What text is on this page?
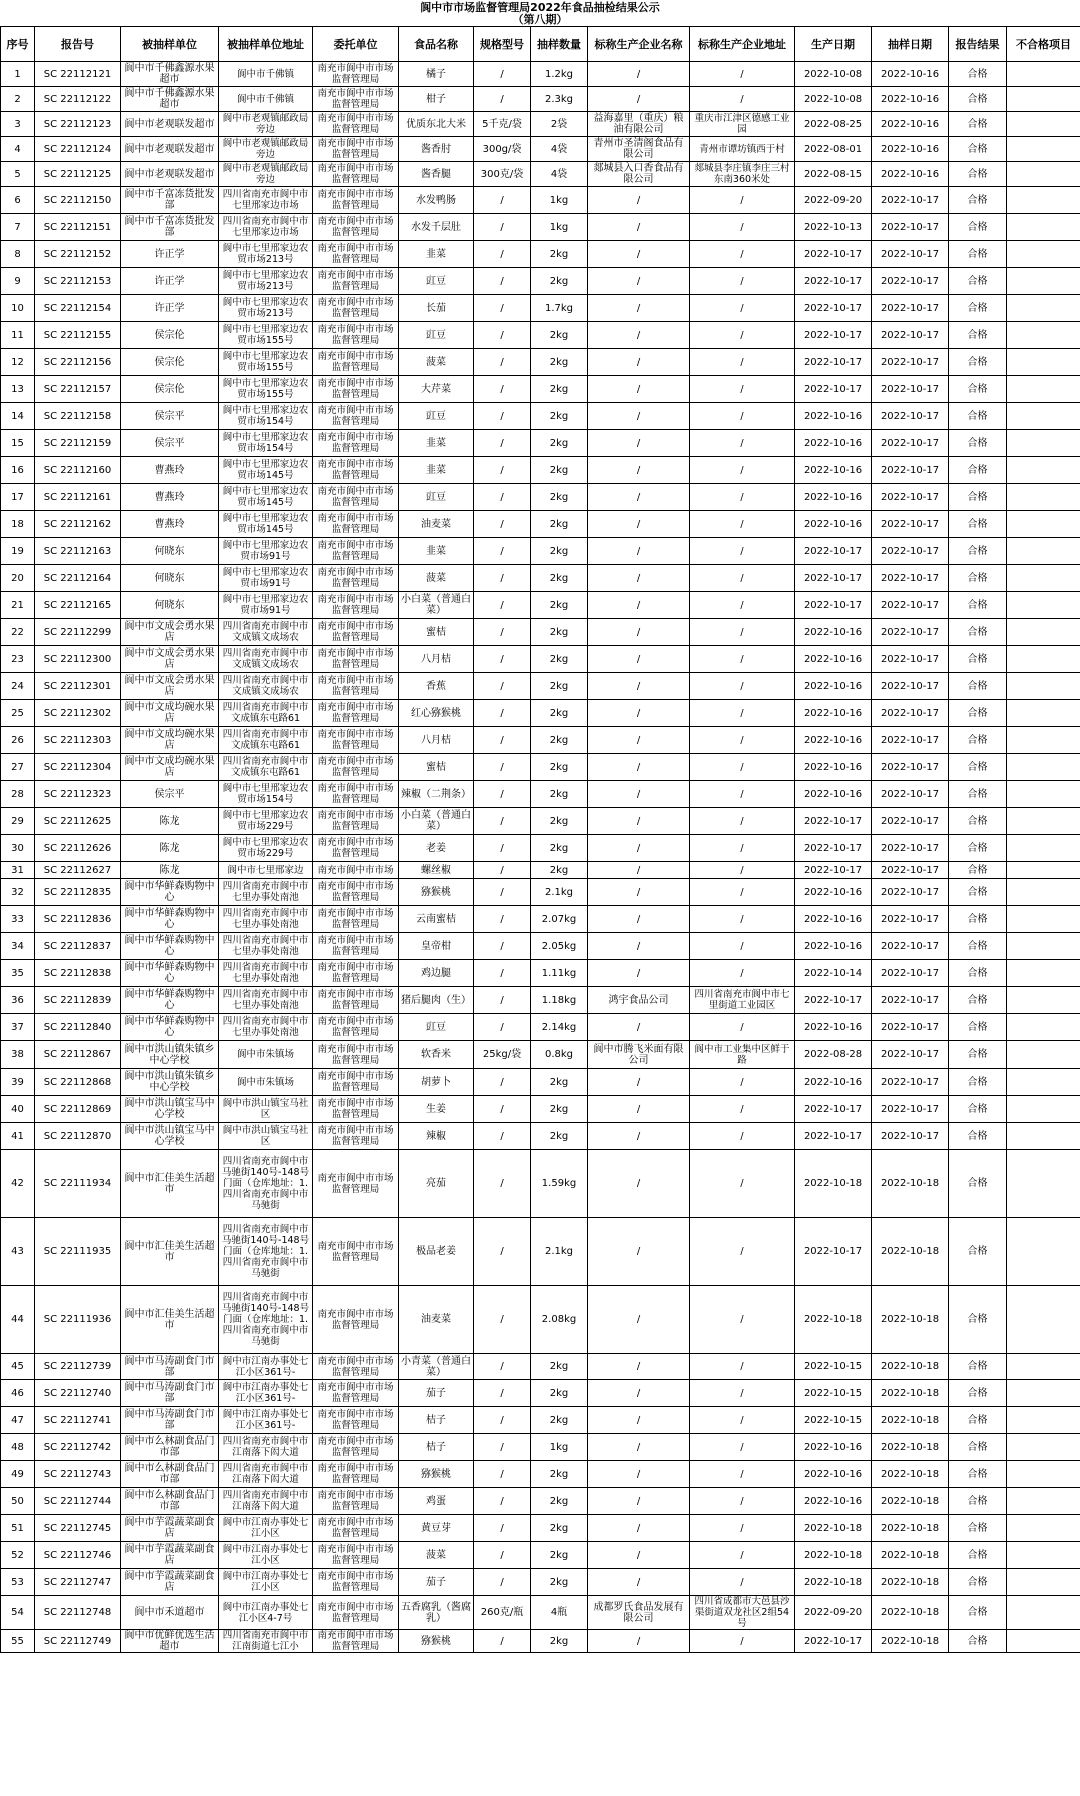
阆中市市场监督管理局2022年食品抽检结果公示
（第八期）
序号	报告号	被抽样单位	被抽样单位地址	委托单位	食品名称	规格型号	抽样数量	标称生产企业名称	标称生产企业地址	生产日期	抽样日期	报告结果	不合格项目
1	SC 22112121	阆中市千佛鑫源水果超市	阆中市千佛镇	南充市阆中市市场监督管理局	橘子	/	1.2kg	/	/	2022-10-08	2022-10-16	合格	
2	SC 22112122	阆中市千佛鑫源水果超市	阆中市千佛镇	南充市阆中市市场监督管理局	柑子	/	2.3kg	/	/	2022-10-08	2022-10-16	合格	
3	SC 22112123	阆中市老观联发超市	阆中市老观镇邮政局旁边	南充市阆中市市场监督管理局	优质东北大米	5千克/袋	2袋	益海嘉里（重庆）粮油有限公司	重庆市江津区德感工业园	2022-08-25	2022-10-16	合格	
4	SC 22112124	阆中市老观联发超市	阆中市老观镇邮政局旁边	南充市阆中市市场监督管理局	酱香肘	300g/袋	4袋	青州市圣清阁食品有限公司	青州市谭坊镇西于村	2022-08-01	2022-10-16	合格	
5	SC 22112125	阆中市老观联发超市	阆中市老观镇邮政局旁边	南充市阆中市市场监督管理局	酱香腿	300克/袋	4袋	郯城县入口香食品有限公司	郯城县李庄镇李庄三村东南360米处	2022-08-15	2022-10-16	合格	
6	SC 22112150	阆中市千富冻货批发部	四川省南充市阆中市七里邢家边市场	南充市阆中市市场监督管理局	水发鸭肠	/	1kg	/	/	2022-09-20	2022-10-17	合格	
7	SC 22112151	阆中市千富冻货批发部	四川省南充市阆中市七里邢家边市场	南充市阆中市市场监督管理局	水发千层肚	/	1kg	/	/	2022-10-13	2022-10-17	合格	
8	SC 22112152	许正学	阆中市七里邢家边农贸市场213号	南充市阆中市市场监督管理局	韭菜	/	2kg	/	/	2022-10-17	2022-10-17	合格	
9	SC 22112153	许正学	阆中市七里邢家边农贸市场213号	南充市阆中市市场监督管理局	豇豆	/	2kg	/	/	2022-10-17	2022-10-17	合格	
10	SC 22112154	许正学	阆中市七里邢家边农贸市场213号	南充市阆中市市场监督管理局	长茄	/	1.7kg	/	/	2022-10-17	2022-10-17	合格	
11	SC 22112155	侯宗伦	阆中市七里邢家边农贸市场155号	南充市阆中市市场监督管理局	豇豆	/	2kg	/	/	2022-10-17	2022-10-17	合格	
12	SC 22112156	侯宗伦	阆中市七里邢家边农贸市场155号	南充市阆中市市场监督管理局	菠菜	/	2kg	/	/	2022-10-17	2022-10-17	合格	
13	SC 22112157	侯宗伦	阆中市七里邢家边农贸市场155号	南充市阆中市市场监督管理局	大芹菜	/	2kg	/	/	2022-10-17	2022-10-17	合格	
14	SC 22112158	侯宗平	阆中市七里邢家边农贸市场154号	南充市阆中市市场监督管理局	豇豆	/	2kg	/	/	2022-10-16	2022-10-17	合格	
15	SC 22112159	侯宗平	阆中市七里邢家边农贸市场154号	南充市阆中市市场监督管理局	韭菜	/	2kg	/	/	2022-10-16	2022-10-17	合格	
16	SC 22112160	曹燕玲	阆中市七里邢家边农贸市场145号	南充市阆中市市场监督管理局	韭菜	/	2kg	/	/	2022-10-16	2022-10-17	合格	
17	SC 22112161	曹燕玲	阆中市七里邢家边农贸市场145号	南充市阆中市市场监督管理局	豇豆	/	2kg	/	/	2022-10-16	2022-10-17	合格	
18	SC 22112162	曹燕玲	阆中市七里邢家边农贸市场145号	南充市阆中市市场监督管理局	油麦菜	/	2kg	/	/	2022-10-16	2022-10-17	合格	
19	SC 22112163	何晓东	阆中市七里邢家边农贸市场91号	南充市阆中市市场监督管理局	韭菜	/	2kg	/	/	2022-10-17	2022-10-17	合格	
20	SC 22112164	何晓东	阆中市七里邢家边农贸市场91号	南充市阆中市市场监督管理局	菠菜	/	2kg	/	/	2022-10-17	2022-10-17	合格	
21	SC 22112165	何晓东	阆中市七里邢家边农贸市场91号	南充市阆中市市场监督管理局	小白菜（普通白菜）	/	2kg	/	/	2022-10-17	2022-10-17	合格	
22	SC 22112299	阆中市文成会勇水果店	四川省南充市阆中市文成镇文成场农	南充市阆中市市场监督管理局	蜜桔	/	2kg	/	/	2022-10-16	2022-10-17	合格	
23	SC 22112300	阆中市文成会勇水果店	四川省南充市阆中市文成镇文成场农	南充市阆中市市场监督管理局	八月桔	/	2kg	/	/	2022-10-16	2022-10-17	合格	
24	SC 22112301	阆中市文成会勇水果店	四川省南充市阆中市文成镇文成场农	南充市阆中市市场监督管理局	香蕉	/	2kg	/	/	2022-10-16	2022-10-17	合格	
25	SC 22112302	阆中市文成均碗水果店	四川省南充市阆中市文成镇东屯路61	南充市阆中市市场监督管理局	红心猕猴桃	/	2kg	/	/	2022-10-16	2022-10-17	合格	
26	SC 22112303	阆中市文成均碗水果店	四川省南充市阆中市文成镇东屯路61	南充市阆中市市场监督管理局	八月桔	/	2kg	/	/	2022-10-16	2022-10-17	合格	
27	SC 22112304	阆中市文成均碗水果店	四川省南充市阆中市文成镇东屯路61	南充市阆中市市场监督管理局	蜜桔	/	2kg	/	/	2022-10-16	2022-10-17	合格	
28	SC 22112323	侯宗平	阆中市七里邢家边农贸市场154号	南充市阆中市市场监督管理局	辣椒（二荆条）	/	2kg	/	/	2022-10-16	2022-10-17	合格	
29	SC 22112625	陈龙	阆中市七里邢家边农贸市场229号	南充市阆中市市场监督管理局	小白菜（普通白菜）	/	2kg	/	/	2022-10-17	2022-10-17	合格	
30	SC 22112626	陈龙	阆中市七里邢家边农贸市场229号	南充市阆中市市场监督管理局	老姜	/	2kg	/	/	2022-10-17	2022-10-17	合格	
31	SC 22112627	陈龙	阆中市七里邢家边	南充市阆中市市场	螺丝椒	/	2kg	/	/	2022-10-17	2022-10-17	合格	
32	SC 22112835	阆中市华鲜森购物中心	四川省南充市阆中市七里办事处南池	南充市阆中市市场监督管理局	猕猴桃	/	2.1kg	/	/	2022-10-16	2022-10-17	合格	
33	SC 22112836	阆中市华鲜森购物中心	四川省南充市阆中市七里办事处南池	南充市阆中市市场监督管理局	云南蜜桔	/	2.07kg	/	/	2022-10-16	2022-10-17	合格	
34	SC 22112837	阆中市华鲜森购物中心	四川省南充市阆中市七里办事处南池	南充市阆中市市场监督管理局	皇帝柑	/	2.05kg	/	/	2022-10-16	2022-10-17	合格	
35	SC 22112838	阆中市华鲜森购物中心	四川省南充市阆中市七里办事处南池	南充市阆中市市场监督管理局	鸡边腿	/	1.11kg	/	/	2022-10-14	2022-10-17	合格	
36	SC 22112839	阆中市华鲜森购物中心	四川省南充市阆中市七里办事处南池	南充市阆中市市场监督管理局	猪后腿肉（生）	/	1.18kg	鸿宇食品公司	四川省南充市阆中市七里街道工业园区	2022-10-17	2022-10-17	合格	
37	SC 22112840	阆中市华鲜森购物中心	四川省南充市阆中市七里办事处南池	南充市阆中市市场监督管理局	豇豆	/	2.14kg	/	/	2022-10-16	2022-10-17	合格	
38	SC 22112867	阆中市洪山镇朱镇乡中心学校	阆中市朱镇场	南充市阆中市市场监督管理局	软香米	25kg/袋	0.8kg	阆中市腾飞米面有限公司	阆中市工业集中区鲜于路	2022-08-28	2022-10-17	合格	
39	SC 22112868	阆中市洪山镇朱镇乡中心学校	阆中市朱镇场	南充市阆中市市场监督管理局	胡萝卜	/	2kg	/	/	2022-10-16	2022-10-17	合格	
40	SC 22112869	阆中市洪山镇宝马中心学校	阆中市洪山镇宝马社区	南充市阆中市市场监督管理局	生姜	/	2kg	/	/	2022-10-17	2022-10-17	合格	
41	SC 22112870	阆中市洪山镇宝马中心学校	阆中市洪山镇宝马社区	南充市阆中市市场监督管理局	辣椒	/	2kg	/	/	2022-10-17	2022-10-17	合格	
42	SC 22111934	阆中市汇佳美生活超市	四川省南充市阆中市马驰街140号-148号门面（仓库地址：1.四川省南充市阆中市马驰街	南充市阆中市市场监督管理局	亮茄	/	1.59kg	/	/	2022-10-18	2022-10-18	合格	
43	SC 22111935	阆中市汇佳美生活超市	四川省南充市阆中市马驰街140号-148号门面（仓库地址：1.四川省南充市阆中市马驰街	南充市阆中市市场监督管理局	极品老姜	/	2.1kg	/	/	2022-10-17	2022-10-18	合格	
44	SC 22111936	阆中市汇佳美生活超市	四川省南充市阆中市马驰街140号-148号门面（仓库地址：1.四川省南充市阆中市马驰街	南充市阆中市市场监督管理局	油麦菜	/	2.08kg	/	/	2022-10-18	2022-10-18	合格	
45	SC 22112739	阆中市马涛副食门市部	阆中市江南办事处七江小区361号-	南充市阆中市市场监督管理局	小青菜（普通白菜）	/	2kg	/	/	2022-10-15	2022-10-18	合格	
46	SC 22112740	阆中市马涛副食门市部	阆中市江南办事处七江小区361号-	南充市阆中市市场监督管理局	茄子	/	2kg	/	/	2022-10-15	2022-10-18	合格	
47	SC 22112741	阆中市马涛副食门市部	阆中市江南办事处七江小区361号-	南充市阆中市市场监督管理局	桔子	/	2kg	/	/	2022-10-15	2022-10-18	合格	
48	SC 22112742	阆中市么林副食品门市部	四川省南充市阆中市江南落下闳大道	南充市阆中市市场监督管理局	桔子	/	1kg	/	/	2022-10-16	2022-10-18	合格	
49	SC 22112743	阆中市么林副食品门市部	四川省南充市阆中市江南落下闳大道	南充市阆中市市场监督管理局	猕猴桃	/	2kg	/	/	2022-10-16	2022-10-18	合格	
50	SC 22112744	阆中市么林副食品门市部	四川省南充市阆中市江南落下闳大道	南充市阆中市市场监督管理局	鸡蛋	/	2kg	/	/	2022-10-16	2022-10-18	合格	
51	SC 22112745	阆中市芋霞蔬菜副食店	阆中市江南办事处七江小区	南充市阆中市市场监督管理局	黄豆芽	/	2kg	/	/	2022-10-18	2022-10-18	合格	
52	SC 22112746	阆中市芋霞蔬菜副食店	阆中市江南办事处七江小区	南充市阆中市市场监督管理局	菠菜	/	2kg	/	/	2022-10-18	2022-10-18	合格	
53	SC 22112747	阆中市芋霞蔬菜副食店	阆中市江南办事处七江小区	南充市阆中市市场监督管理局	茄子	/	2kg	/	/	2022-10-18	2022-10-18	合格	
54	SC 22112748	阆中市禾道超市	阆中市江南办事处七江小区4-7号	南充市阆中市市场监督管理局	五香腐乳（酱腐乳）	260克/瓶	4瓶	成都罗氏食品发展有限公司	四川省成都市大邑县沙渠街道双龙社区2组54号	2022-09-20	2022-10-18	合格	
55	SC 22112749	阆中市优鲜优选生活超市	四川省南充市阆中市江南街道七江小	南充市阆中市市场监督管理局	猕猴桃	/	2kg	/	/	2022-10-17	2022-10-18	合格	
